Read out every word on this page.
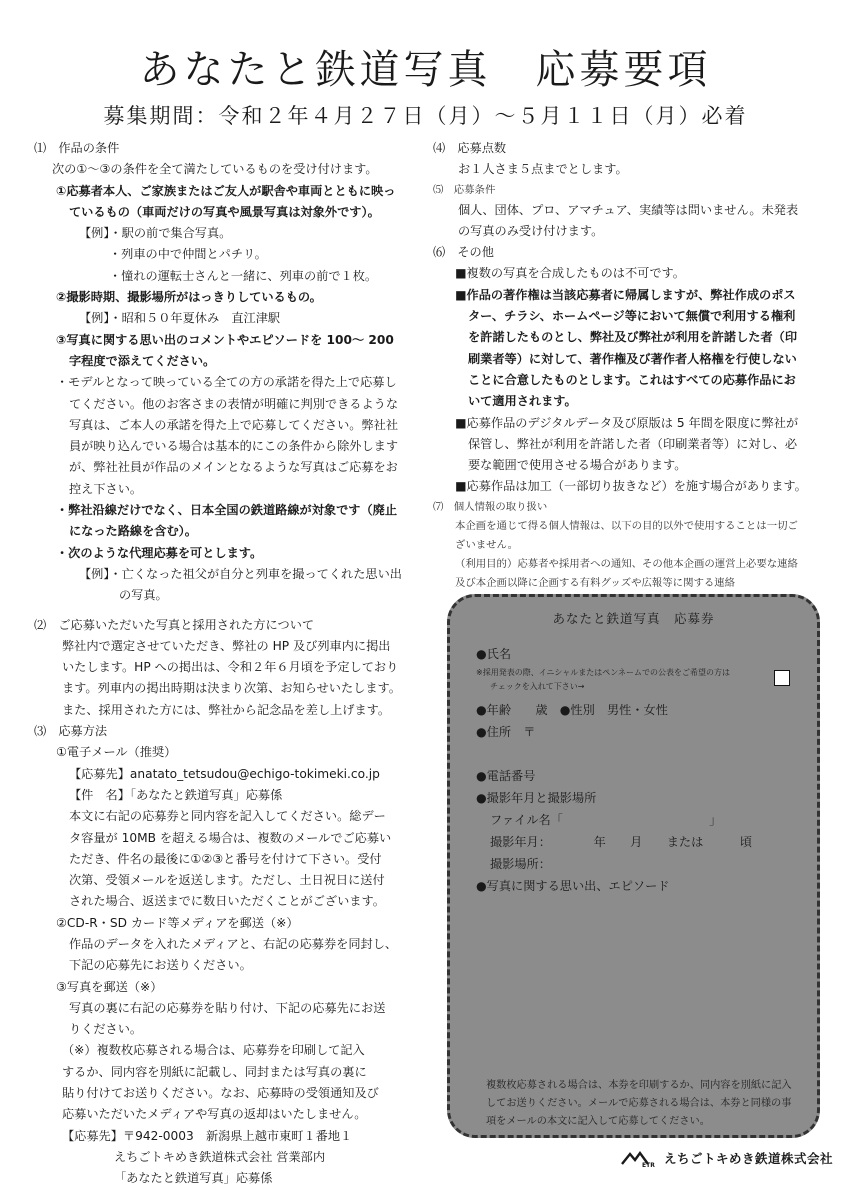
あなたと鉄道写真　応募要項
募集期間：令和２年４月２７日（月）～５月１１日（月）必着
⑴　作品の条件
次の①～③の条件を全て満たしているものを受け付けます。
①応募者本人、ご家族またはご友人が駅舎や車両とともに映っ
ているもの（車両だけの写真や風景写真は対象外です）。
【例】・駅の前で集合写真。
・列車の中で仲間とパチリ。
・憧れの運転士さんと一緒に、列車の前で１枚。
②撮影時期、撮影場所がはっきりしているもの。
【例】・昭和５０年夏休み　直江津駅
③写真に関する思い出のコメントやエピソードを 100～ 200
字程度で添えてください。
・モデルとなって映っている全ての方の承諾を得た上で応募し
てください。他のお客さまの表情が明確に判別できるような
写真は、ご本人の承諾を得た上で応募してください。弊社社
員が映り込んでいる場合は基本的にこの条件から除外します
が、弊社社員が作品のメインとなるような写真はご応募をお
控え下さい。
・弊社沿線だけでなく、日本全国の鉄道路線が対象です（廃止
になった路線を含む）。
・次のような代理応募を可とします。
【例】・亡くなった祖父が自分と列車を撮ってくれた思い出
の写真。
⑵　ご応募いただいた写真と採用された方について
弊社内で選定させていただき、弊社の HP 及び列車内に掲出
いたします。HP への掲出は、令和２年６月頃を予定しており
ます。列車内の掲出時期は決まり次第、お知らせいたします。
また、採用された方には、弊社から記念品を差し上げます。
⑶　応募方法
①電子メール（推奨）
【応募先】anatato_tetsudou@echigo-tokimeki.co.jp
【件　名】「あなたと鉄道写真」応募係
本文に右記の応募券と同内容を記入してください。総デー
タ容量が 10MB を超える場合は、複数のメールでご応募い
ただき、件名の最後に①②③と番号を付けて下さい。受付
次第、受領メールを返送します。ただし、土日祝日に送付
された場合、返送までに数日いただくことがございます。
②CD-R・SD カード等メディアを郵送（※）
作品のデータを入れたメディアと、右記の応募券を同封し、
下記の応募先にお送りください。
③写真を郵送（※）
写真の裏に右記の応募券を貼り付け、下記の応募先にお送
りください。
（※）複数枚応募される場合は、応募券を印刷して記入
するか、同内容を別紙に記載し、同封または写真の裏に
貼り付けてお送りください。なお、応募時の受領通知及び
応募いただいたメディアや写真の返却はいたしません。
【応募先】〒942-0003　新潟県上越市東町１番地１
えちごトキめき鉄道株式会社 営業部内
「あなたと鉄道写真」応募係
⑷　応募点数
お１人さま５点までとします。
⑸　応募条件
個人、団体、プロ、アマチュア、実績等は問いません。未発表
の写真のみ受け付けます。
⑹　その他
■複数の写真を合成したものは不可です。
■作品の著作権は当該応募者に帰属しますが、弊社作成のポス
ター、チラシ、ホームページ等において無償で利用する権利
を許諾したものとし、弊社及び弊社が利用を許諾した者（印
刷業者等）に対して、著作権及び著作者人格権を行使しない
ことに合意したものとします。これはすべての応募作品にお
いて適用されます。
■応募作品のデジタルデータ及び原版は 5 年間を限度に弊社が
保管し、弊社が利用を許諾した者（印刷業者等）に対し、必
要な範囲で使用させる場合があります。
■応募作品は加工（一部切り抜きなど）を施す場合があります。
⑺　個人情報の取り扱い
本企画を通じて得る個人情報は、以下の目的以外で使用することは一切ご
ざいません。
（利用目的）応募者や採用者への通知、その他本企画の運営上必要な連絡
及び本企画以降に企画する有料グッズや広報等に関する連絡
あなたと鉄道写真　応募券
●氏名
※採用発表の際、イニシャルまたはペンネームでの公表をご希望の方は
チェックを入れて下さい→
●年齢　　歳　●性別　男性・女性
●住所　〒
●電話番号
●撮影年月と撮影場所
ファイル名「　　　　　　　　　　　　」
撮影年月：　　　　年　　月　　または　　　頃
撮影場所：
●写真に関する思い出、エピソード
複数枚応募される場合は、本券を印刷するか、同内容を別紙に記入してお送りください。メールで応募される場合は、本券と同様の事項をメールの本文に記入して応募してください。
ETR えちごトキめき鉄道株式会社
